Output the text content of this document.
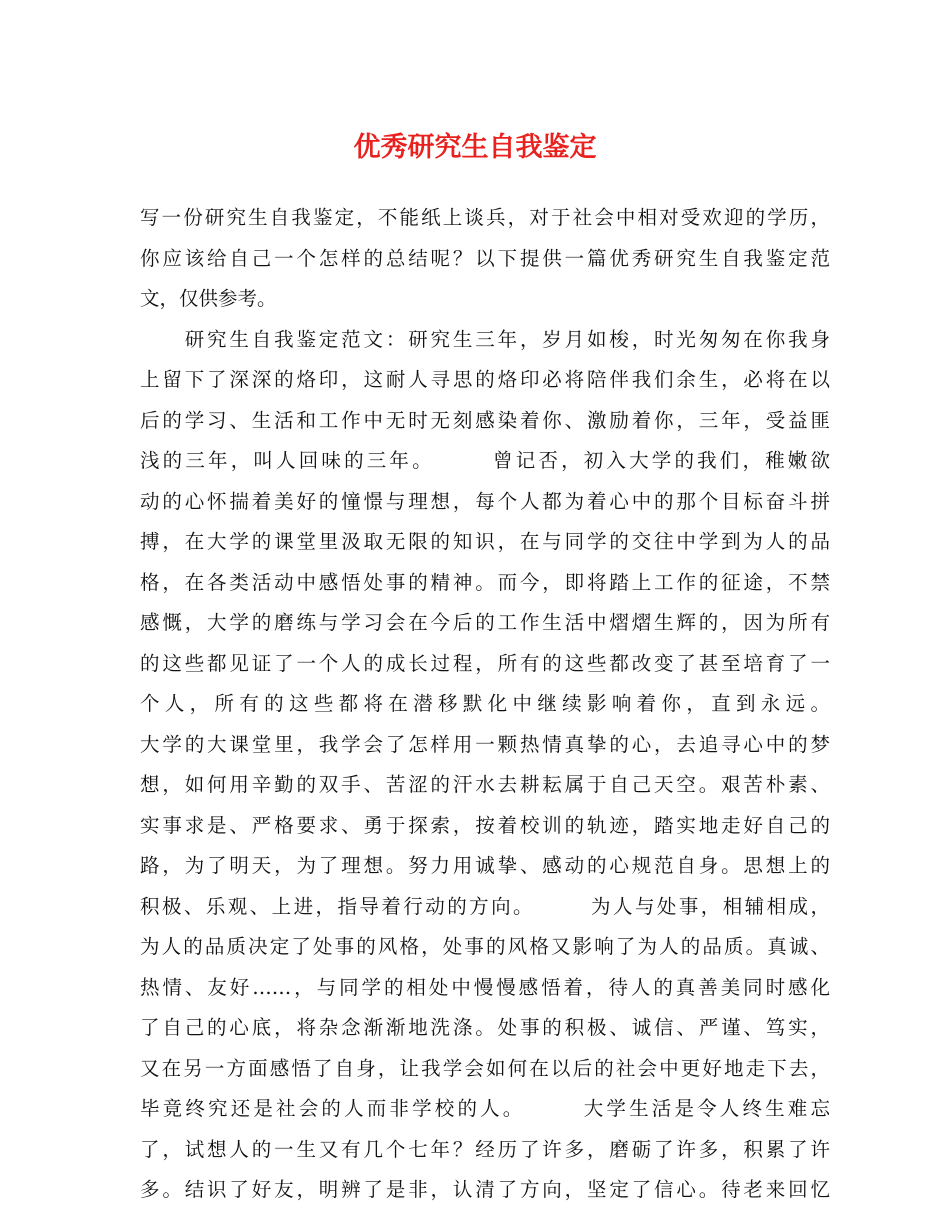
优秀研究生自我鉴定
写一份研究生自我鉴定，不能纸上谈兵，对于社会中相对受欢迎的学历，
你应该给自己一个怎样的总结呢？以下提供一篇优秀研究生自我鉴定范
文，仅供参考。
　　研究生自我鉴定范文：研究生三年，岁月如梭，时光匆匆在你我身
上留下了深深的烙印，这耐人寻思的烙印必将陪伴我们余生，必将在以
后的学习、生活和工作中无时无刻感染着你、激励着你，三年，受益匪
浅的三年，叫人回味的三年。　　　曾记否，初入大学的我们，稚嫩欲
动的心怀揣着美好的憧憬与理想，每个人都为着心中的那个目标奋斗拼
搏，在大学的课堂里汲取无限的知识，在与同学的交往中学到为人的品
格，在各类活动中感悟处事的精神。而今，即将踏上工作的征途，不禁
感慨，大学的磨练与学习会在今后的工作生活中熠熠生辉的，因为所有
的这些都见证了一个人的成长过程，所有的这些都改变了甚至培育了一
个人，所有的这些都将在潜移默化中继续影响着你，直到永远。
大学的大课堂里，我学会了怎样用一颗热情真挚的心，去追寻心中的梦
想，如何用辛勤的双手、苦涩的汗水去耕耘属于自己天空。艰苦朴素、
实事求是、严格要求、勇于探索，按着校训的轨迹，踏实地走好自己的
路，为了明天，为了理想。努力用诚挚、感动的心规范自身。思想上的
积极、乐观、上进，指导着行动的方向。　　　为人与处事，相辅相成，
为人的品质决定了处事的风格，处事的风格又影响了为人的品质。真诚、
热情、友好……，与同学的相处中慢慢感悟着，待人的真善美同时感化
了自己的心底，将杂念渐渐地洗涤。处事的积极、诚信、严谨、笃实，
又在另一方面感悟了自身，让我学会如何在以后的社会中更好地走下去，
毕竟终究还是社会的人而非学校的人。　　　大学生活是令人终生难忘
了，试想人的一生又有几个七年？经历了许多，磨砺了许多，积累了许
多。结识了好友，明辨了是非，认清了方向，坚定了信心。待老来回忆
